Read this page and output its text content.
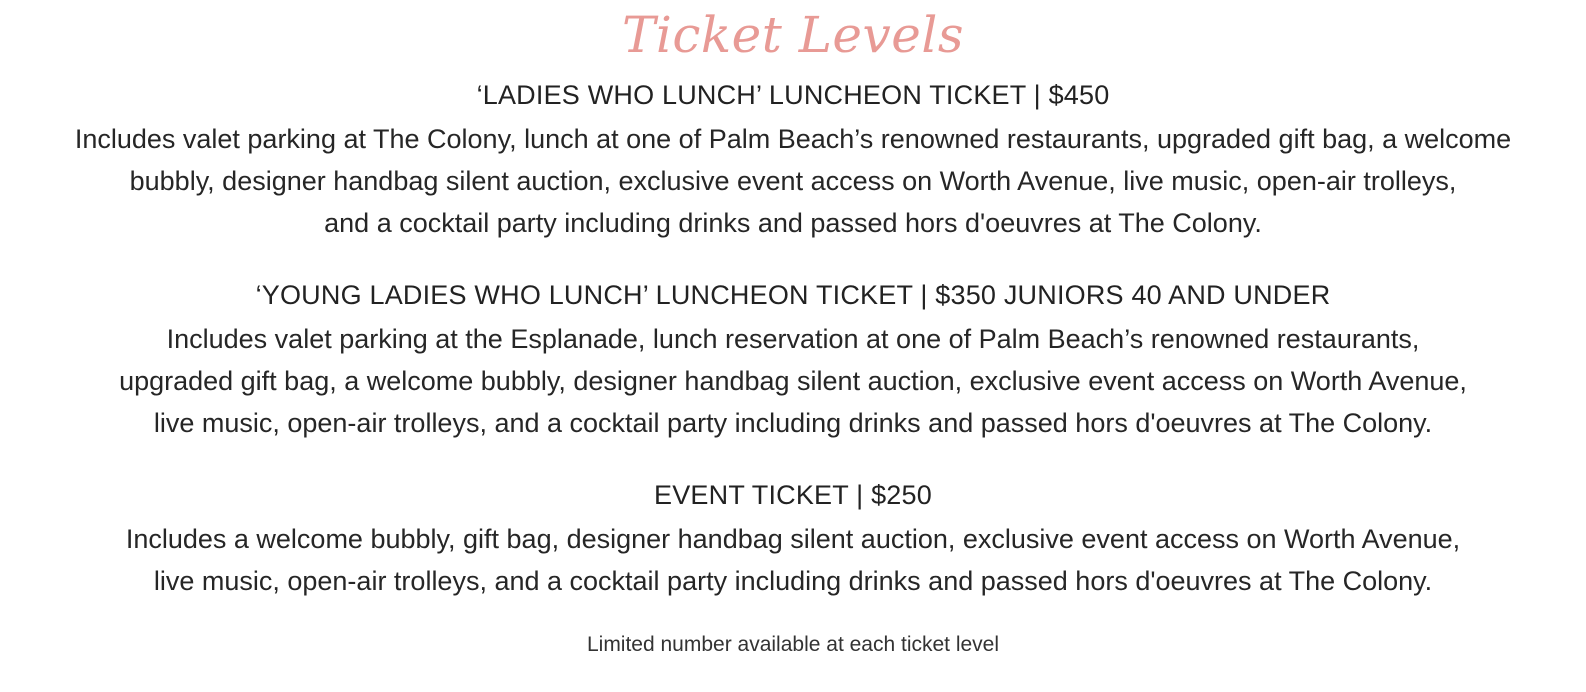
Ticket Levels
‘LADIES WHO LUNCH’ LUNCHEON TICKET | $450
Includes valet parking at The Colony, lunch at one of Palm Beach’s renowned restaurants, upgraded gift bag, a welcome
bubbly, designer handbag silent auction, exclusive event access on Worth Avenue, live music, open-air trolleys,
and a cocktail party including drinks and passed hors d'oeuvres at The Colony.
‘YOUNG LADIES WHO LUNCH’ LUNCHEON TICKET | $350 JUNIORS 40 AND UNDER
Includes valet parking at the Esplanade, lunch reservation at one of Palm Beach’s renowned restaurants,
upgraded gift bag, a welcome bubbly, designer handbag silent auction, exclusive event access on Worth Avenue,
live music, open-air trolleys, and a cocktail party including drinks and passed hors d'oeuvres at The Colony.
EVENT TICKET | $250
Includes a welcome bubbly, gift bag, designer handbag silent auction, exclusive event access on Worth Avenue,
live music, open-air trolleys, and a cocktail party including drinks and passed hors d'oeuvres at The Colony.
Limited number available at each ticket level
